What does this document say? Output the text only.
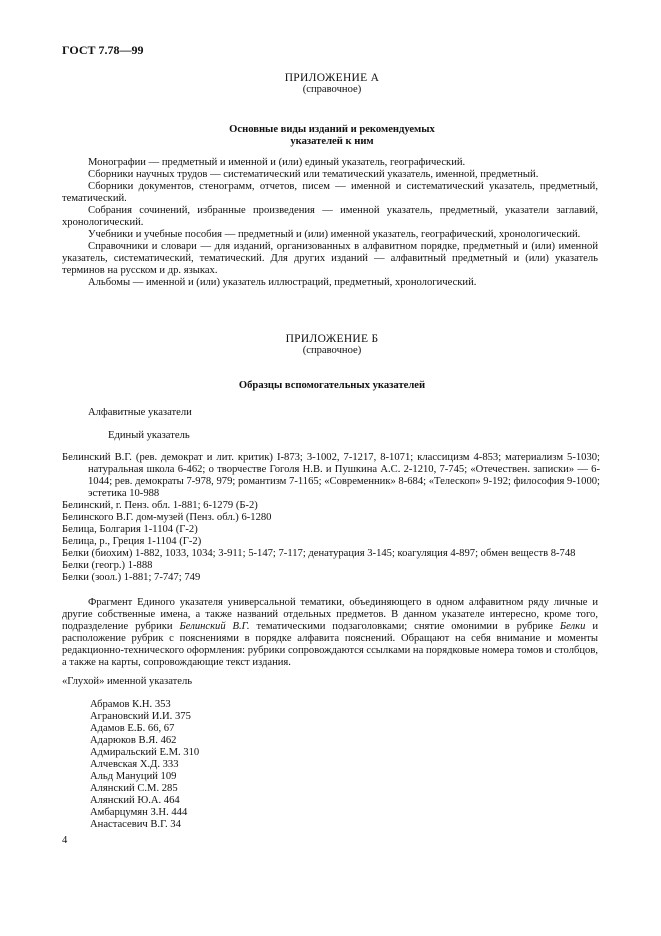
ГОСТ 7.78—99
ПРИЛОЖЕНИЕ А
(справочное)
Основные виды изданий и рекомендуемых
указателей к ним

Монографии — предметный и именной и (или) единый указатель, географический.

Сборники научных трудов — систематический или тематический указатель, именной, предметный.

Сборники документов, стенограмм, отчетов, писем — именной и систематический указатель, предметный, тематический.

Собрания сочинений, избранные произведения — именной указатель, предметный, указатели заглавий, хронологический.

Учебники и учебные пособия — предметный и (или) именной указатель, географический, хронологический.

Справочники и словари — для изданий, организованных в алфавитном порядке, предметный и (или) именной указатель, систематический, тематический. Для других изданий — алфавитный предметный и (или) указатель терминов на русском и др. языках.

Альбомы — именной и (или) указатель иллюстраций, предметный, хронологический.

ПРИЛОЖЕНИЕ Б
(справочное)
Образцы вспомогательных указателей
Алфавитные указатели
Единый указатель
Белинский В.Г. (рев. демократ и лит. критик) I-873; 3-1002, 7-1217, 8-1071; классицизм 4-853; материализм 5-1030; натуральная школа 6-462; о творчестве Гоголя Н.В. и Пушкина А.С. 2-1210, 7-745; «Отечествен. записки» — 6-1044; рев. демократы 7-978, 979; романтизм 7-1165; «Современник» 8-684; «Телескоп» 9-192; философия 9-1000; эстетика 10-988
Белинский, г. Пенз. обл. 1-881; 6-1279 (Б-2)
Белинского В.Г. дом-музей (Пенз. обл.) 6-1280
Белица, Болгария 1-1104 (Г-2)
Белица, р., Греция 1-1104 (Г-2)
Белки (биохим) 1-882, 1033, 1034; 3-911; 5-147; 7-117; денатурация 3-145; коагуляция 4-897; обмен веществ 8-748
Белки (геогр.) 1-888
Белки (зоол.) 1-881; 7-747; 749

Фрагмент Единого указателя универсальной тематики, объединяющего в одном алфавитном ряду личные и другие собственные имена, а также названий отдельных предметов. В данном указателе интересно, кроме того, подразделение рубрики Белинский В.Г. тематическими подзаголовками; снятие омонимии в рубрике Белки и расположение рубрик с пояснениями в порядке алфавита пояснений. Обращают на себя внимание и моменты редакционно-технического оформления: рубрики сопровождаются ссылками на порядковые номера томов и столбцов, а также на карты, сопровождающие текст издания.

«Глухой» именной указатель
Абрамов К.Н. 353
Аграновский И.И. 375
Адамов Е.Б. 66, 67
Адарюков В.Я. 462
Адмиральский Е.М. 310
Алчевская Х.Д. 333
Альд Мануций 109
Алянский С.М. 285
Алянский Ю.А. 464
Амбарцумян З.Н. 444
Анастасевич В.Г. 34
4
